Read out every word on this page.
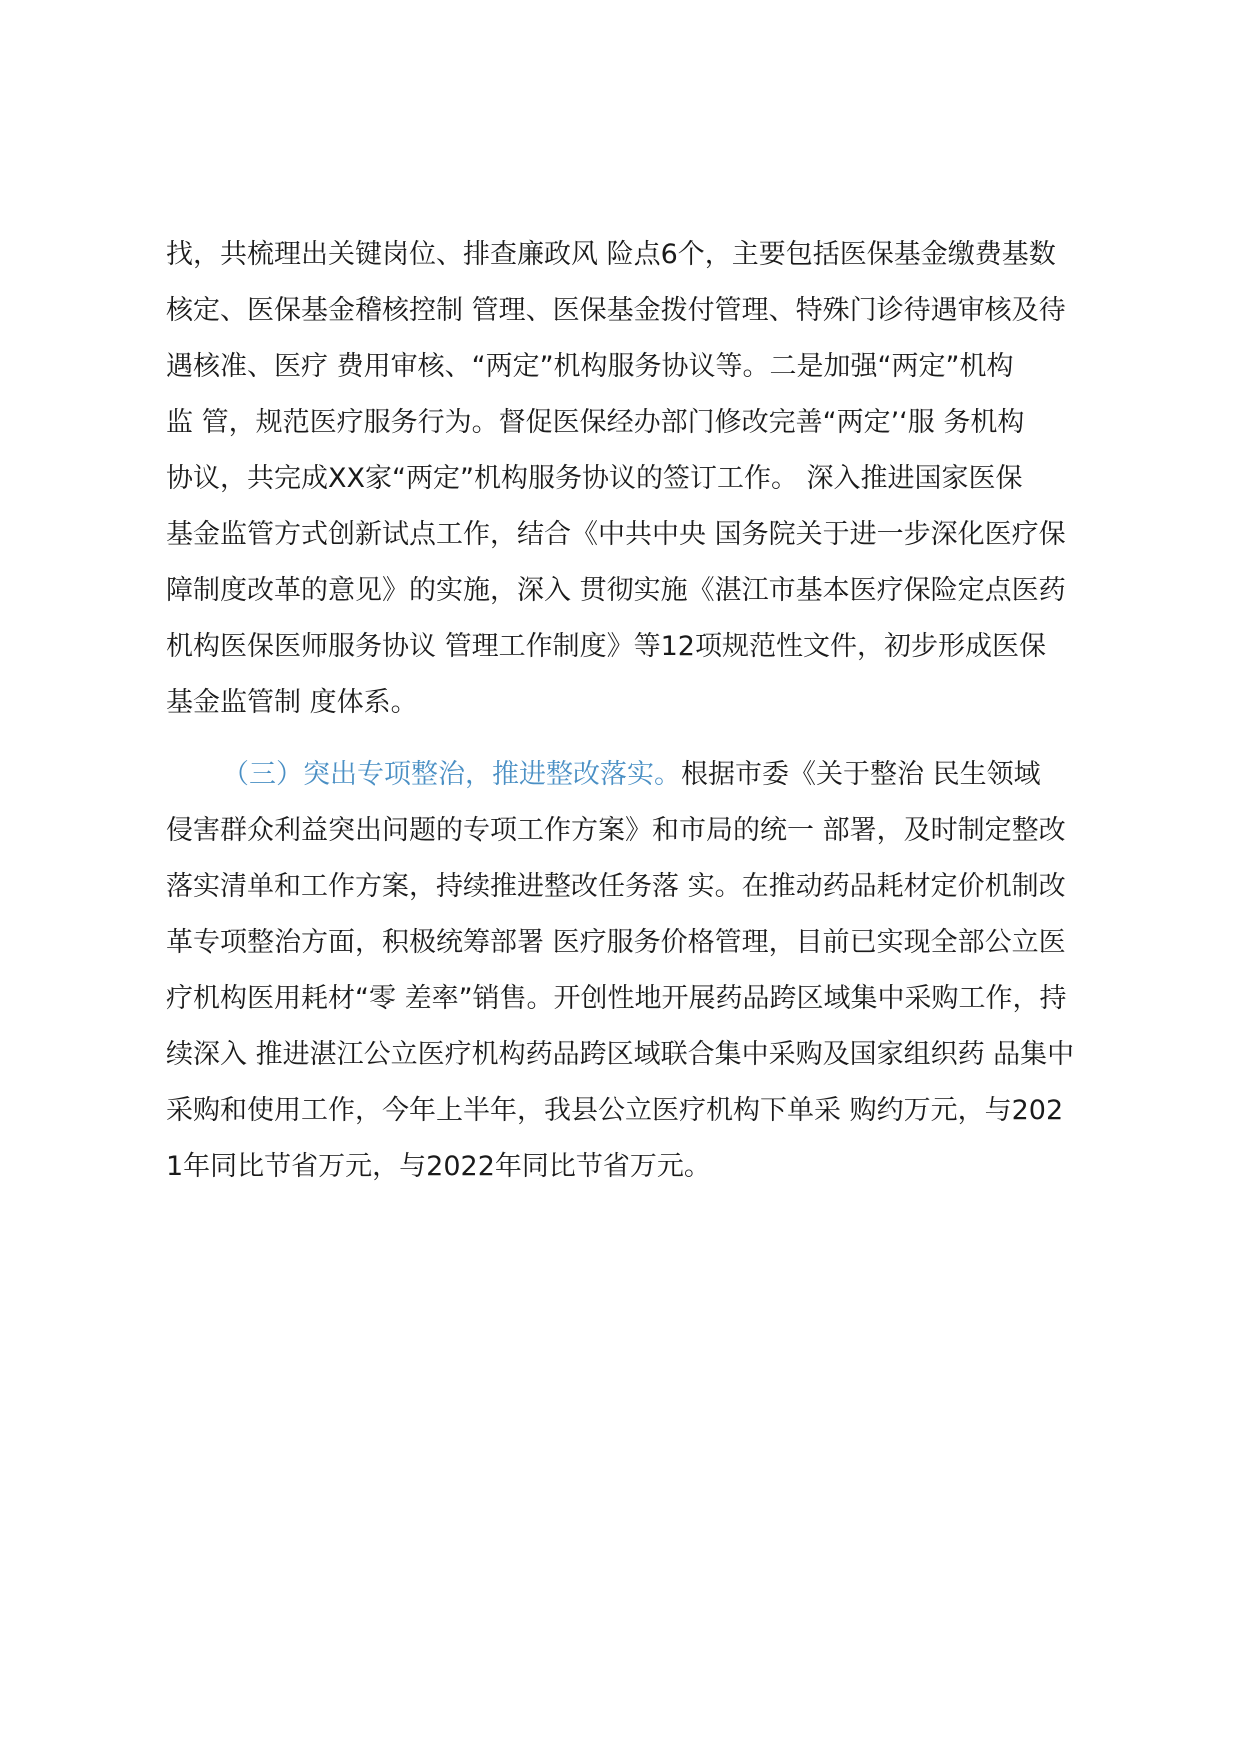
找，共梳理出关键岗位、排查廉政风 险点6个，主要包括医保基金缴费基数
核定、医保基金稽核控制 管理、医保基金拨付管理、特殊门诊待遇审核及待
遇核准、医疗 费用审核、“两定”机构服务协议等。二是加强“两定”机构
监 管，规范医疗服务行为。督促医保经办部门修改完善“两定’‘服 务机构
协议，共完成XX家“两定”机构服务协议的签订工作。 深入推进国家医保
基金监管方式创新试点工作，结合《中共中央 国务院关于进一步深化医疗保
障制度改革的意见》的实施，深入 贯彻实施《湛江市基本医疗保险定点医药
机构医保医师服务协议 管理工作制度》等12项规范性文件，初步形成医保
基金监管制 度体系。
（三）突出专项整治，推进整改落实。根据市委《关于整治 民生领域
侵害群众利益突出问题的专项工作方案》和市局的统一 部署，及时制定整改
落实清单和工作方案，持续推进整改任务落 实。在推动药品耗材定价机制改
革专项整治方面，积极统筹部署 医疗服务价格管理，目前已实现全部公立医
疗机构医用耗材“零 差率”销售。开创性地开展药品跨区域集中采购工作，持
续深入 推进湛江公立医疗机构药品跨区域联合集中采购及国家组织药 品集中
采购和使用工作，今年上半年，我县公立医疗机构下单采 购约万元，与202
1年同比节省万元，与2022年同比节省万元。
